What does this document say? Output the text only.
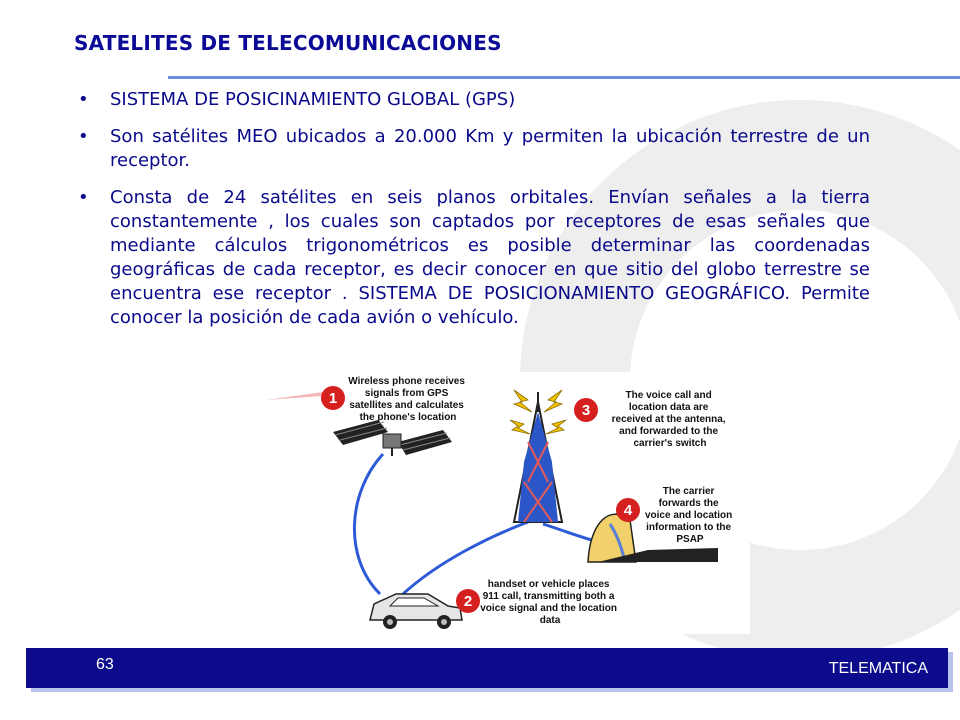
SATELITES DE TELECOMUNICACIONES
• SISTEMA DE POSICINAMIENTO GLOBAL (GPS)
• Son satélites MEO ubicados a 20.000 Km y permiten la ubicación terrestre de un receptor.
• Consta de 24 satélites en seis planos orbitales. Envían señales a la tierra constantemente , los cuales son captados por receptores de esas señales que mediante cálculos trigonométricos es posible determinar las coordenadas geográficas de cada receptor, es decir conocer en que sitio del globo terrestre se encuentra ese receptor . SISTEMA DE POSICIONAMIENTO GEOGRÁFICO. Permite conocer la posición de cada avión o vehículo.
1
2
3
4
Wireless phone receives signals from GPS satellites and calculates the phone's location
handset or vehicle places 911 call, transmitting both a voice signal and the location data
The voice call and location data are received at the antenna, and forwarded to the carrier's switch
The carrier forwards the voice and location information to the PSAP
63	TELEMATICA
